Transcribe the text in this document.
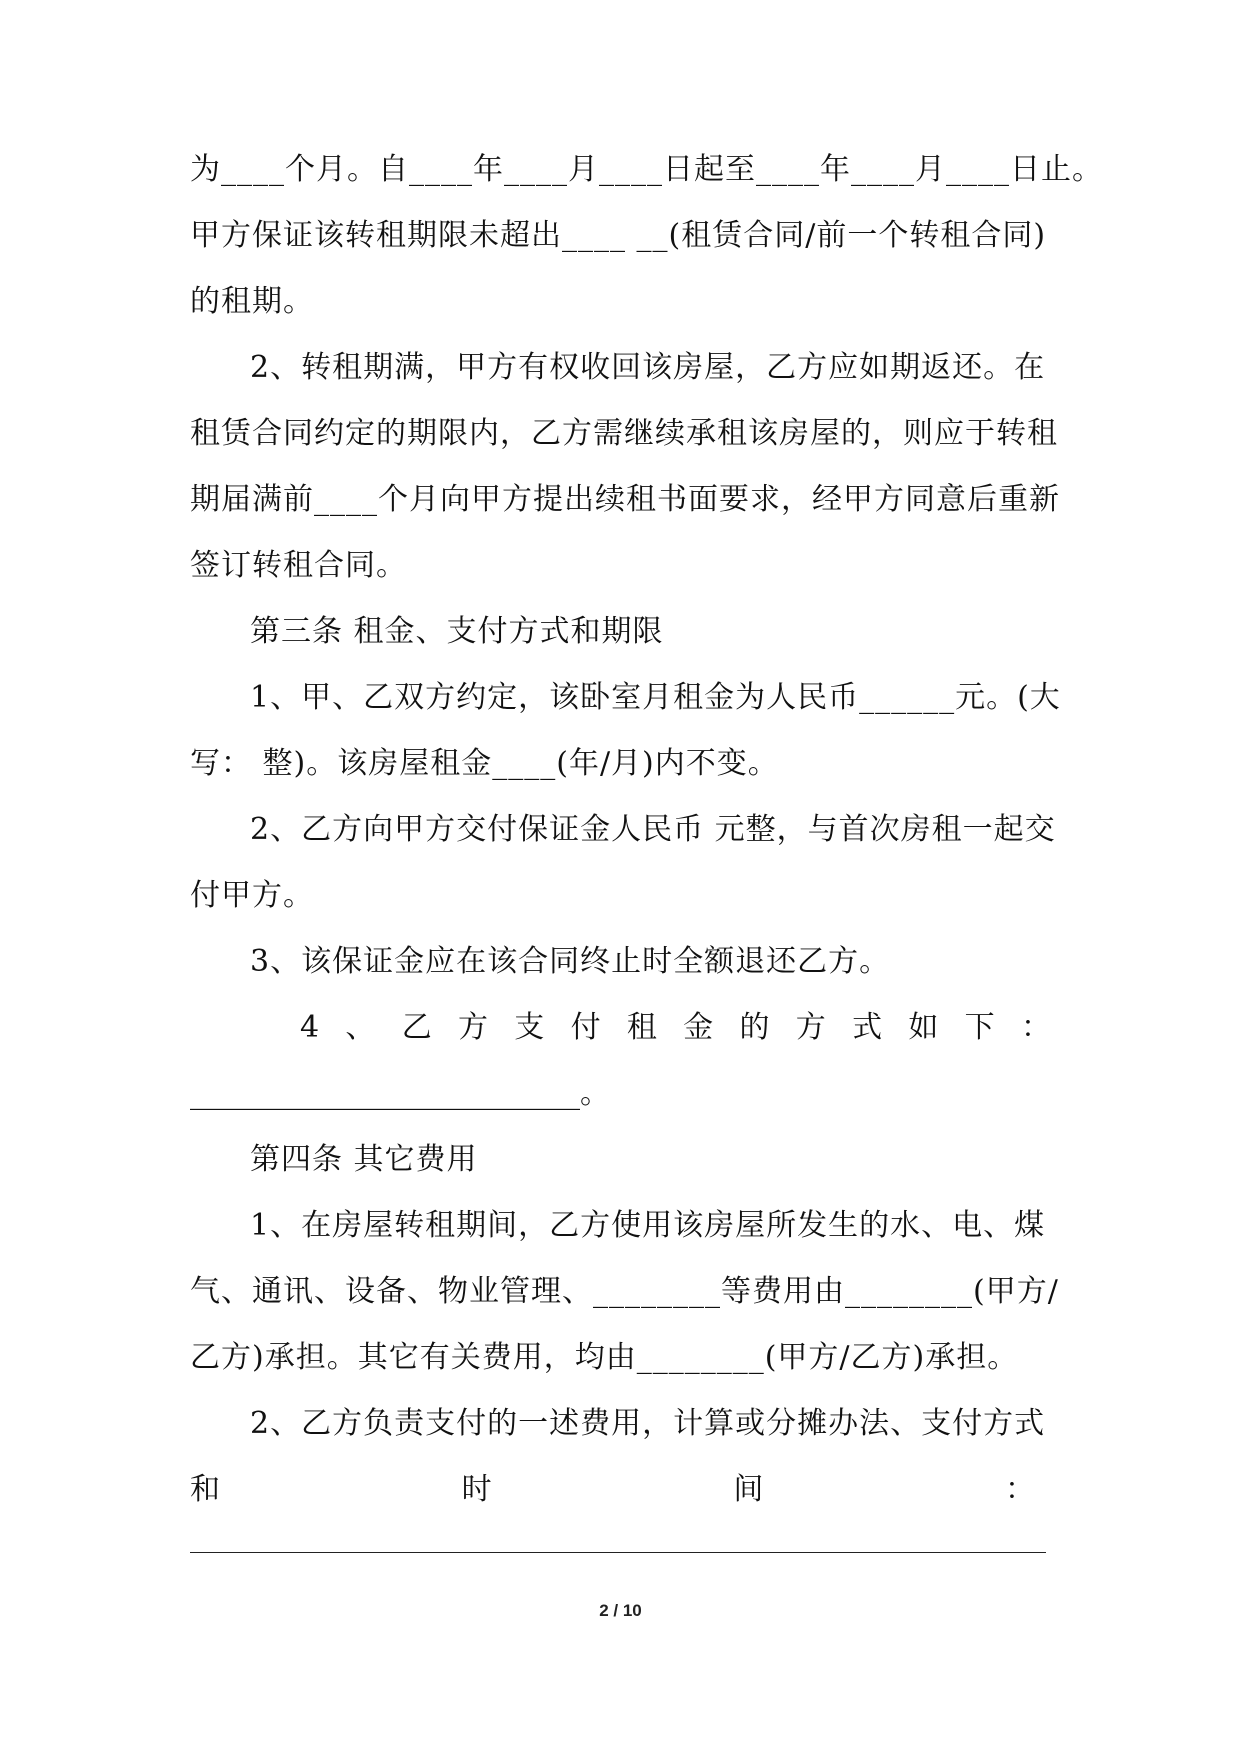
为____个月。自____年____月____日起至____年____月____日止。
甲方保证该转租期限未超出____ __(租赁合同/前一个转租合同)
的租期。
2、转租期满，甲方有权收回该房屋，乙方应如期返还。在
租赁合同约定的期限内，乙方需继续承租该房屋的，则应于转租
期届满前____个月向甲方提出续租书面要求，经甲方同意后重新
签订转租合同。
第三条 租金、支付方式和期限
1、甲、乙双方约定，该卧室月租金为人民币______元。(大
写： 整)。该房屋租金____(年/月)内不变。
2、乙方向甲方交付保证金人民币 元整，与首次房租一起交
付甲方。
3、该保证金应在该合同终止时全额退还乙方。
4 、 乙 方 支 付 租 金 的 方 式 如 下 ：
__________________________。
第四条 其它费用
1、在房屋转租期间，乙方使用该房屋所发生的水、电、煤
气、通讯、设备、物业管理、________等费用由________(甲方/
乙方)承担。其它有关费用，均由________(甲方/乙方)承担。
2、乙方负责支付的一述费用，计算或分摊办法、支付方式
和	时	间	：
2 / 10
